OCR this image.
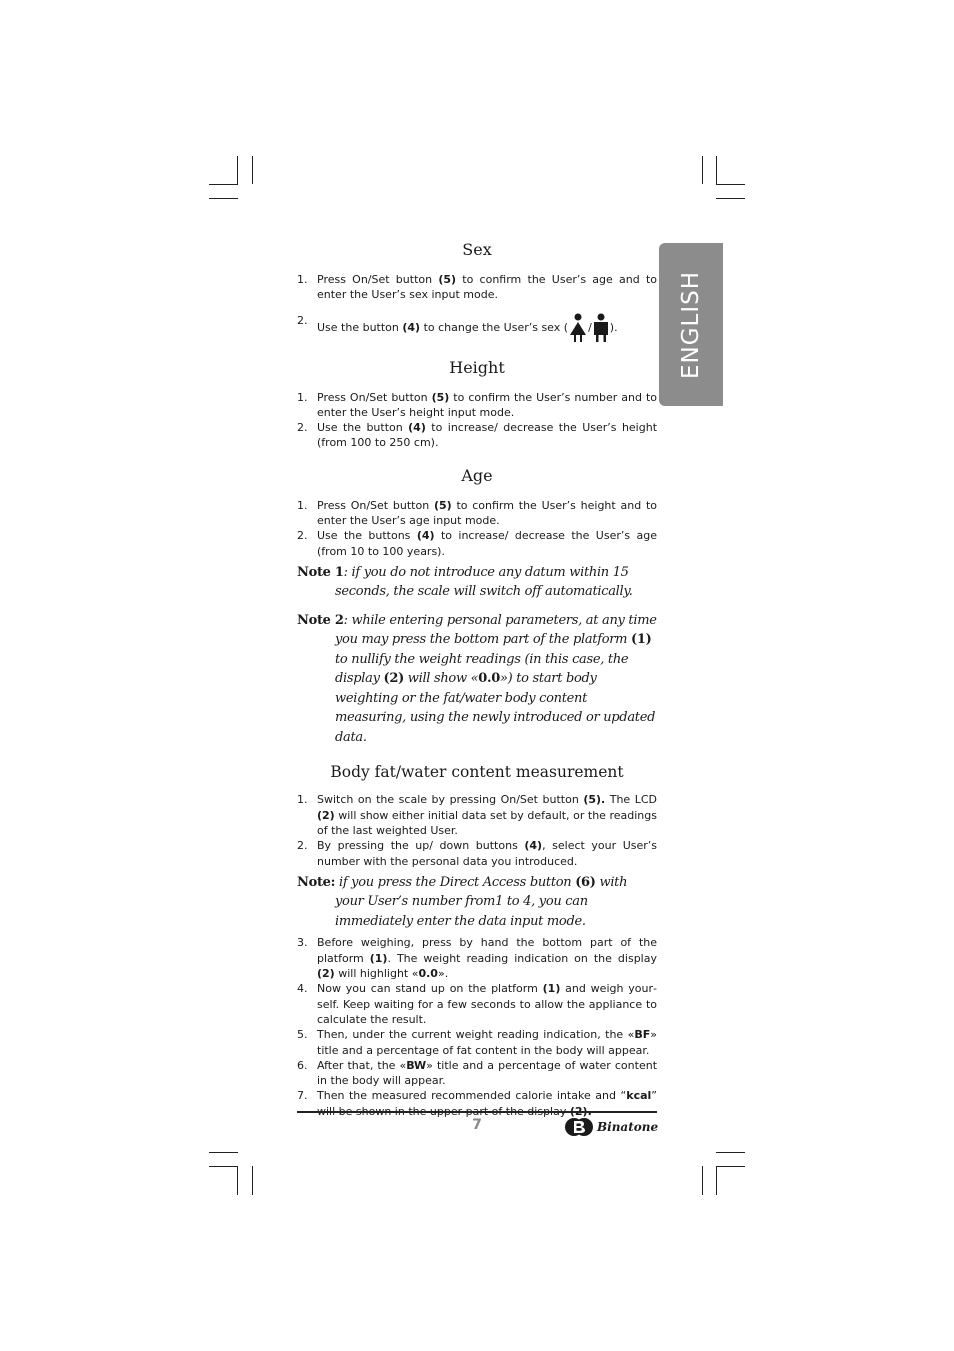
ENGLISH
Sex
1. Press On/Set button (5) to confirm the User’s age and to enter the User’s sex input mode.
2.
Use the button (4) to change the User’s sex ( / ).
Height
1. Press On/Set button (5) to confirm the User’s number and to enter the User’s height input mode.
2. Use the button (4) to increase/ decrease the User’s height (from 100 to 250 cm).
Age
1. Press On/Set button (5) to confirm the User’s height and to enter the User’s age input mode.
2. Use the buttons (4) to increase/ decrease the User’s age (from 10 to 100 years).

Note 1: if you do not introduce any datum within 15 seconds, the scale will switch off automatically.

Note 2: while entering personal parameters, at any time you may press the bottom part of the platform (1) to nullify the weight readings (in this case, the display (2) will show «0.0») to start body weighting or the fat/water body content measuring, using the newly introduced or updated data.

Body fat/water content measurement
1. Switch on the scale by pressing On/Set button (5). The LCD (2) will show either initial data set by default, or the readings of the last weighted User.
2. By pressing the up/ down buttons (4), select your User’s number with the personal data you introduced.

Note: if you press the Direct Access button (6) with your User’s number from1 to 4, you can immediately enter the data input mode.

3. Before weighing, press by hand the bottom part of the platform (1). The weight reading indication on the display (2) will highlight «0.0».
4. Now you can stand up on the platform (1) and weigh yourself. Keep waiting for a few seconds to allow the appliance to calculate the result.
5. Then, under the current weight reading indication, the «BF» title and a percentage of fat content in the body will appear.
6. After that, the «BW» title and a percentage of water content in the body will appear.
7. Then the measured recommended calorie intake and “kcal”
7	Binatone
